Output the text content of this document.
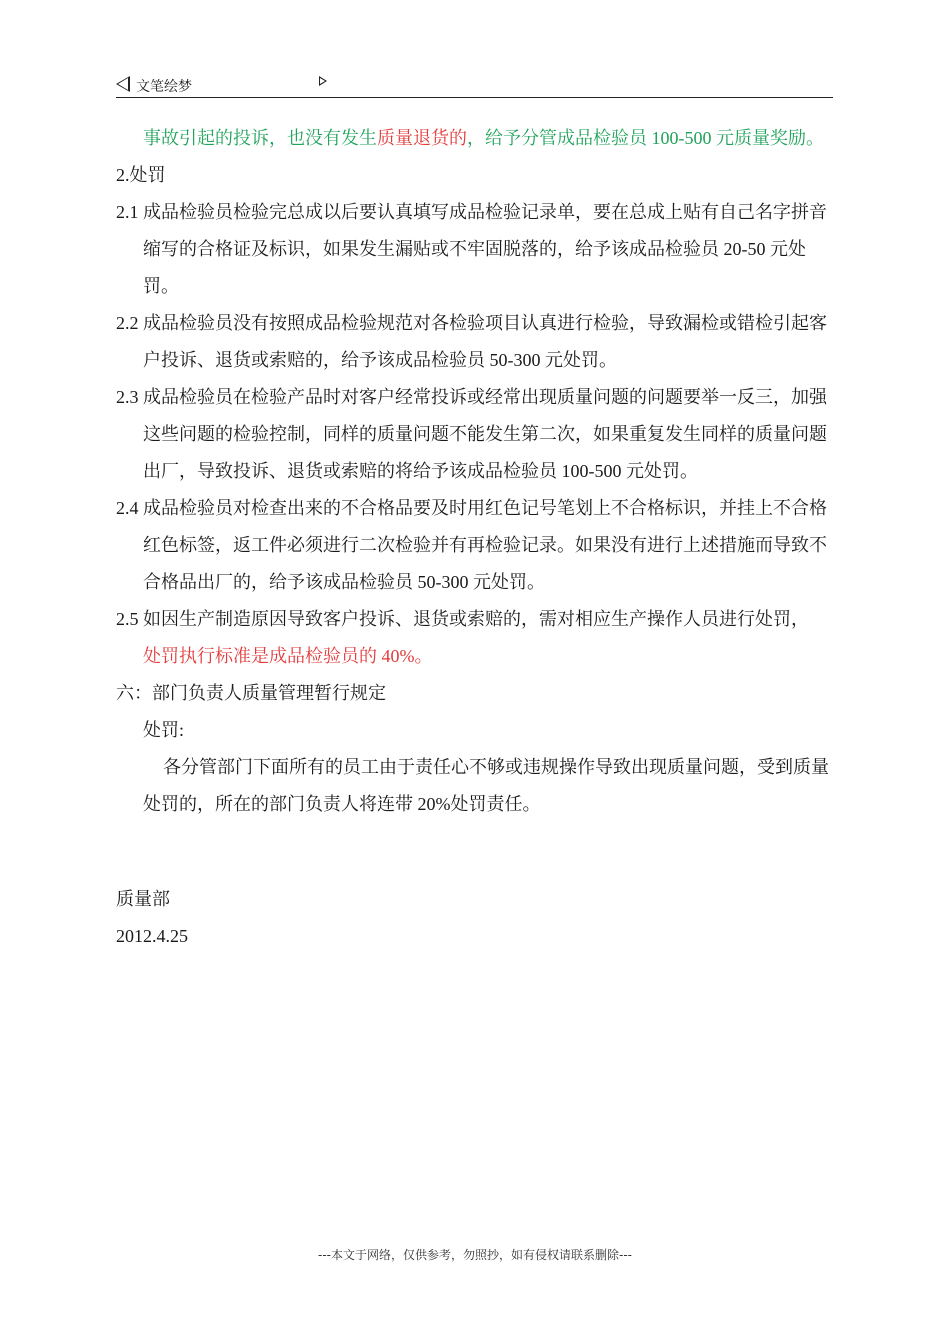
文笔绘梦

事故引起的投诉，也没有发生质量退货的，给予分管成品检验员 100-500 元质量奖励。

2.处罚

2.1 成品检验员检验完总成以后要认真填写成品检验记录单，要在总成上贴有自己名字拼音缩写的合格证及标识，如果发生漏贴或不牢固脱落的，给予该成品检验员 20-50 元处罚。

2.2 成品检验员没有按照成品检验规范对各检验项目认真进行检验，导致漏检或错检引起客户投诉、退货或索赔的，给予该成品检验员 50-300 元处罚。

2.3 成品检验员在检验产品时对客户经常投诉或经常出现质量问题的问题要举一反三，加强这些问题的检验控制，同样的质量问题不能发生第二次，如果重复发生同样的质量问题出厂，导致投诉、退货或索赔的将给予该成品检验员 100-500 元处罚。

2.4 成品检验员对检查出来的不合格品要及时用红色记号笔划上不合格标识，并挂上不合格红色标签，返工件必须进行二次检验并有再检验记录。如果没有进行上述措施而导致不合格品出厂的，给予该成品检验员 50-300 元处罚。

2.5 如因生产制造原因导致客户投诉、退货或索赔的，需对相应生产操作人员进行处罚，
处罚执行标准是成品检验员的 40%。

六：部门负责人质量管理暂行规定

处罚:

各分管部门下面所有的员工由于责任心不够或违规操作导致出现质量问题，受到质量处罚的，所在的部门负责人将连带 20%处罚责任。

质量部

2012.4.25

---本文于网络，仅供参考，勿照抄，如有侵权请联系删除---
